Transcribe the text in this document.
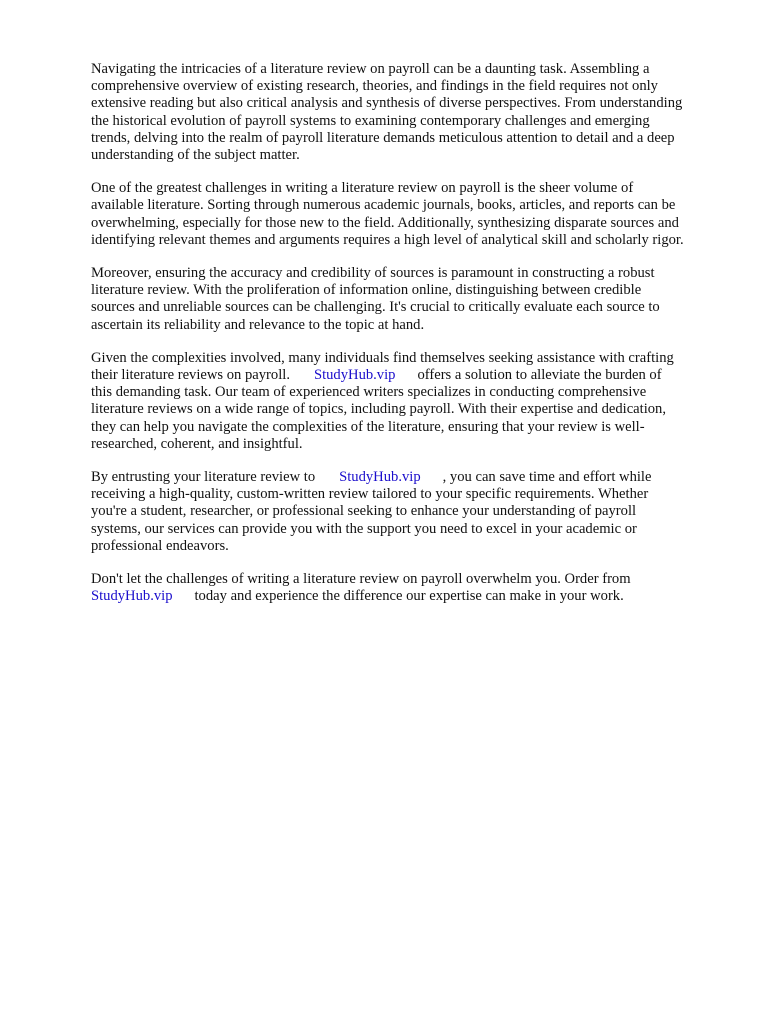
Navigating the intricacies of a literature review on payroll can be a daunting task. Assembling a
comprehensive overview of existing research, theories, and findings in the field requires not only
extensive reading but also critical analysis and synthesis of diverse perspectives. From understanding
the historical evolution of payroll systems to examining contemporary challenges and emerging
trends, delving into the realm of payroll literature demands meticulous attention to detail and a deep
understanding of the subject matter.

One of the greatest challenges in writing a literature review on payroll is the sheer volume of
available literature. Sorting through numerous academic journals, books, articles, and reports can be
overwhelming, especially for those new to the field. Additionally, synthesizing disparate sources and
identifying relevant themes and arguments requires a high level of analytical skill and scholarly rigor.

Moreover, ensuring the accuracy and credibility of sources is paramount in constructing a robust
literature review. With the proliferation of information online, distinguishing between credible
sources and unreliable sources can be challenging. It's crucial to critically evaluate each source to
ascertain its reliability and relevance to the topic at hand.

Given the complexities involved, many individuals find themselves seeking assistance with crafting
their literature reviews on payroll. StudyHub.vip offers a solution to alleviate the burden of
this demanding task. Our team of experienced writers specializes in conducting comprehensive
literature reviews on a wide range of topics, including payroll. With their expertise and dedication,
they can help you navigate the complexities of the literature, ensuring that your review is well-
researched, coherent, and insightful.

By entrusting your literature review to StudyHub.vip , you can save time and effort while
receiving a high-quality, custom-written review tailored to your specific requirements. Whether
you're a student, researcher, or professional seeking to enhance your understanding of payroll
systems, our services can provide you with the support you need to excel in your academic or
professional endeavors.

Don't let the challenges of writing a literature review on payroll overwhelm you. Order from
StudyHub.vip today and experience the difference our expertise can make in your work.
